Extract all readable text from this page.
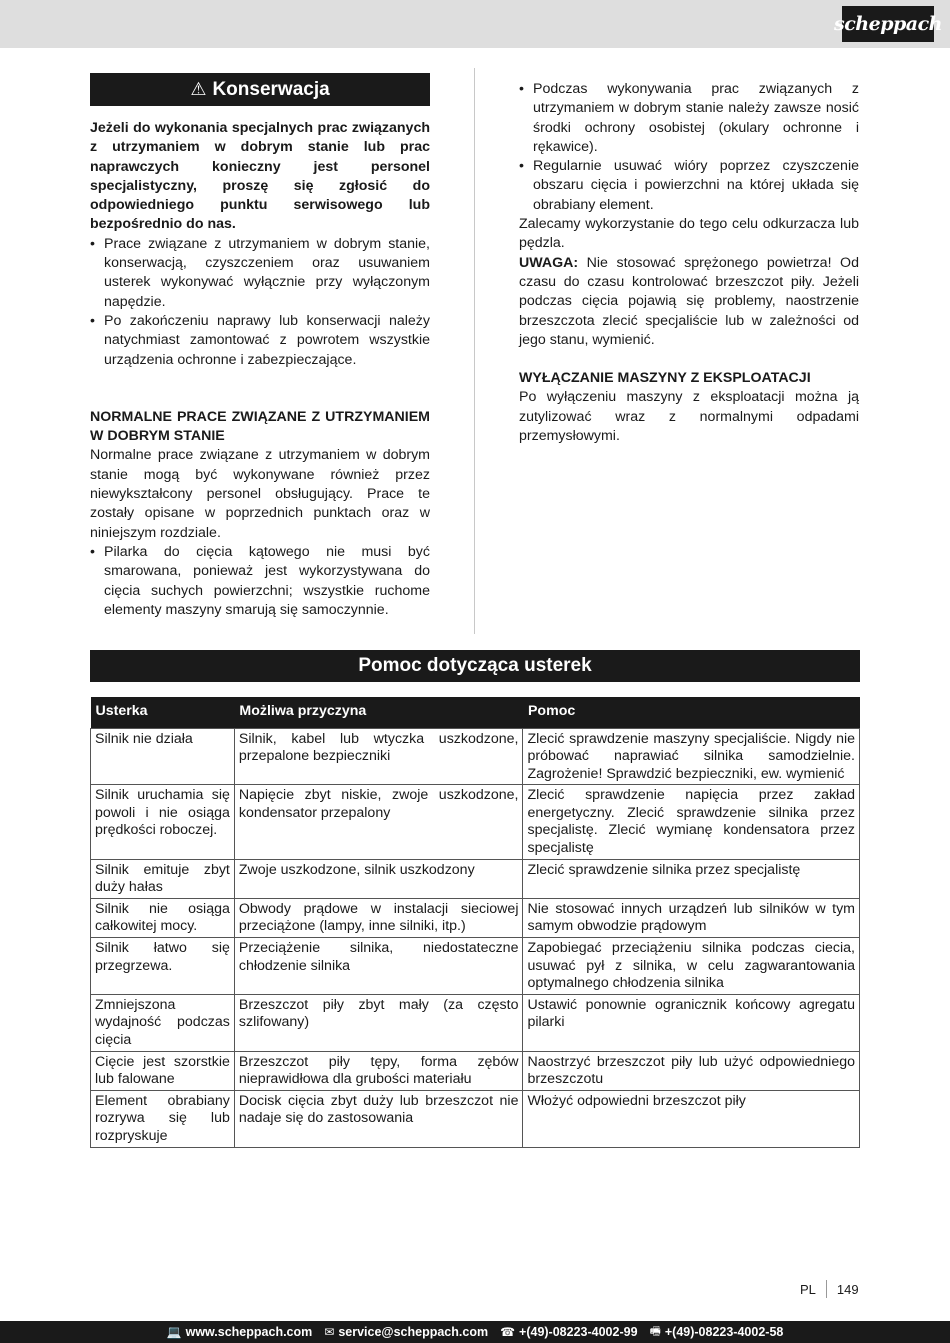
scheppach
⚠ Konserwacja

Jeżeli do wykonania specjalnych prac związanych z utrzymaniem w dobrym stanie lub prac naprawczych konieczny jest personel specjalistyczny, proszę się zgłosić do odpowiedniego punktu serwisowego lub bezpośrednio do nas.

• Prace związane z utrzymaniem w dobrym stanie, konserwacją, czyszczeniem oraz usuwaniem usterek wykonywać wyłącznie przy wyłączonym napędzie.
• Po zakończeniu naprawy lub konserwacji należy natychmiast zamontować z powrotem wszystkie urządzenia ochronne i zabezpieczające.

NORMALNE PRACE ZWIĄZANE Z UTRZYMANIEM W DOBRYM STANIE

Normalne prace związane z utrzymaniem w dobrym stanie mogą być wykonywane również przez niewykształcony personel obsługujący. Prace te zostały opisane w poprzednich punktach oraz w niniejszym rozdziale.

• Pilarka do cięcia kątowego nie musi być smarowana, ponieważ jest wykorzystywana do cięcia suchych powierzchni; wszystkie ruchome elementy maszyny smarują się samoczynnie.
• Podczas wykonywania prac związanych z utrzymaniem w dobrym stanie należy zawsze nosić środki ochrony osobistej (okulary ochronne i rękawice).
• Regularnie usuwać wióry poprzez czyszczenie obszaru cięcia i powierzchni na której układa się obrabiany element.

Zalecamy wykorzystanie do tego celu odkurzacza lub pędzla.

UWAGA: Nie stosować sprężonego powietrza! Od czasu do czasu kontrolować brzeszczot piły. Jeżeli podczas cięcia pojawią się problemy, naostrzenie brzeszczota zlecić specjaliście lub w zależności od jego stanu, wymienić.

WYŁĄCZANIE MASZYNY Z EKSPLOATACJI

Po wyłączeniu maszyny z eksploatacji można ją zutylizować wraz z normalnymi odpadami przemysłowymi.

Pomoc dotycząca usterek
Usterka	Możliwa przyczyna	Pomoc
Silnik nie działa	Silnik, kabel lub wtyczka uszkodzone, przepalone bezpieczniki	Zlecić sprawdzenie maszyny specjaliście. Nigdy nie próbować naprawiać silnika samodzielnie. Zagrożenie! Sprawdzić bezpieczniki, ew. wymienić
Silnik uruchamia się powoli i nie osiąga prędkości roboczej.	Napięcie zbyt niskie, zwoje uszkodzone, kondensator przepalony	Zlecić sprawdzenie napięcia przez zakład energetyczny. Zlecić sprawdzenie silnika przez specjalistę. Zlecić wymianę kondensatora przez specjalistę
Silnik emituje zbyt duży hałas	Zwoje uszkodzone, silnik uszkodzony	Zlecić sprawdzenie silnika przez specjalistę
Silnik nie osiąga całkowitej mocy.	Obwody prądowe w instalacji sieciowej przeciążone (lampy, inne silniki, itp.)	Nie stosować innych urządzeń lub silników w tym samym obwodzie prądowym
Silnik łatwo się przegrzewa.	Przeciążenie silnika, niedostateczne chłodzenie silnika	Zapobiegać przeciążeniu silnika podczas ciecia, usuwać pył z silnika, w celu zagwarantowania optymalnego chłodzenia silnika
Zmniejszona wydajność podczas cięcia	Brzeszczot piły zbyt mały (za często szlifowany)	Ustawić ponownie ogranicznik końcowy agregatu pilarki
Cięcie jest szorstkie lub falowane	Brzeszczot piły tępy, forma zębów nieprawidłowa dla grubości materiału	Naostrzyć brzeszczot piły lub użyć odpowiedniego brzeszczotu
Element obrabiany rozrywa się lub rozpryskuje	Docisk cięcia zbyt duży lub brzeszczot nie nadaje się do zastosowania	Włożyć odpowiedni brzeszczot piły
PL 149
💻 www.scheppach.com ✉ service@scheppach.com ☎ +(49)-08223-4002-99 🖷 +(49)-08223-4002-58
